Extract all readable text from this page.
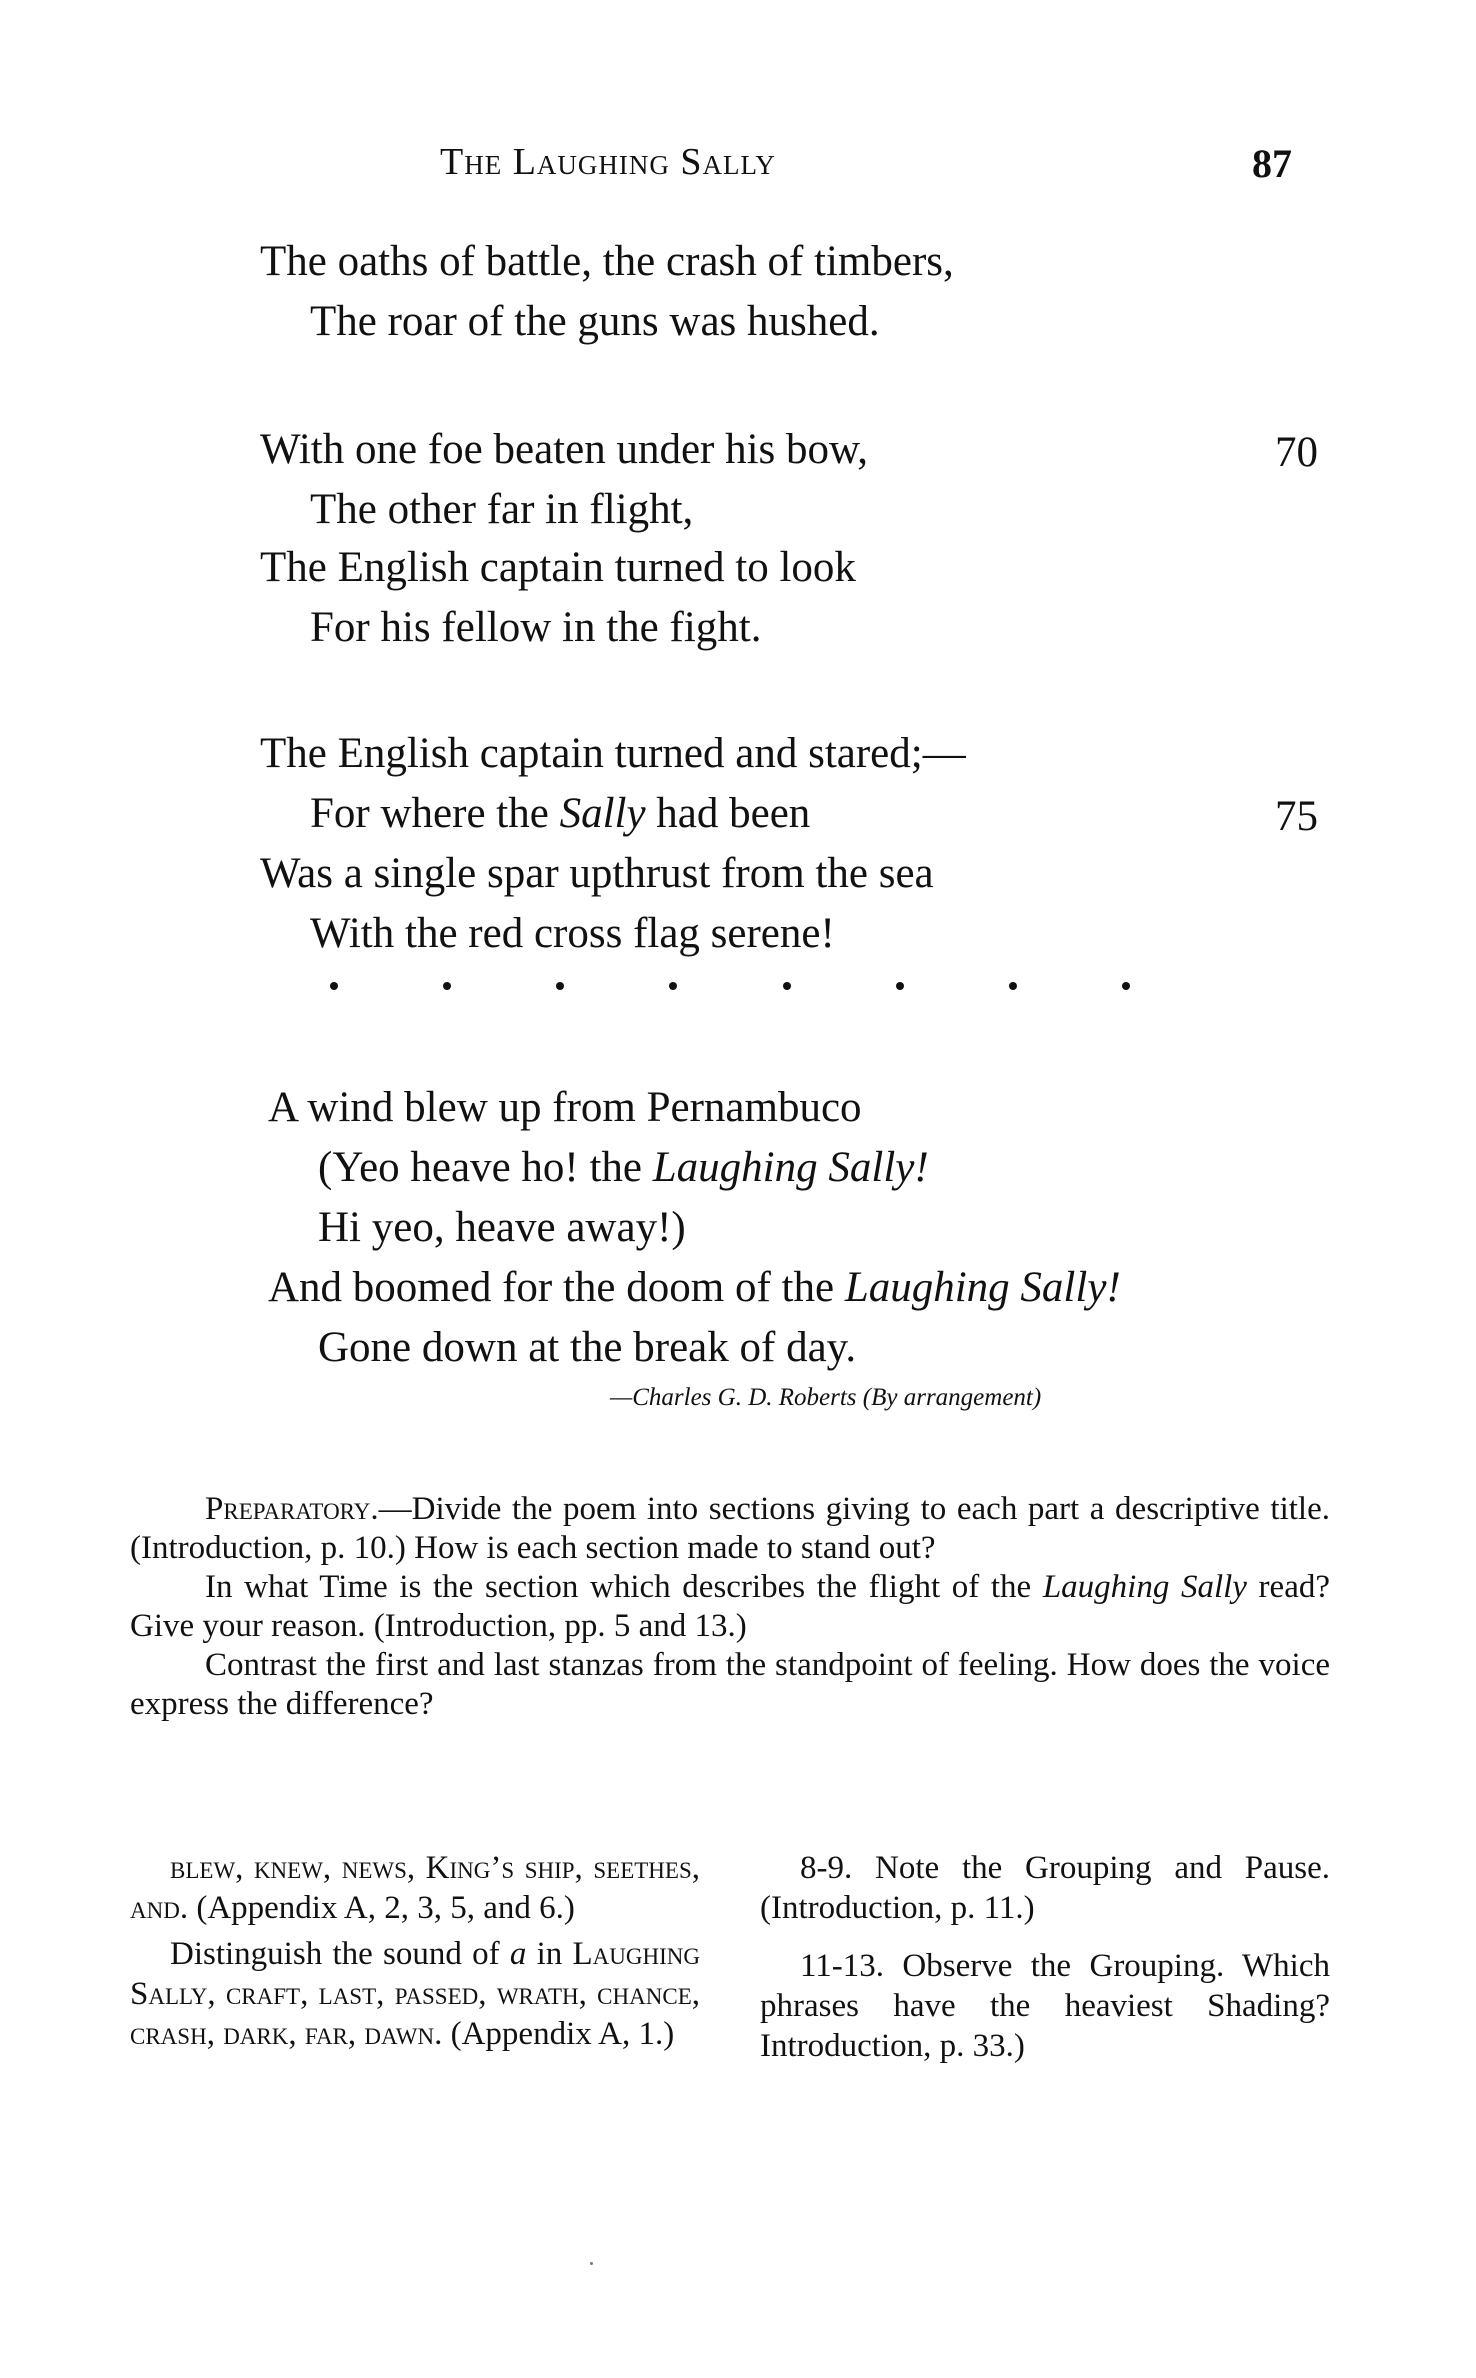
The Laughing Sally	87
The oaths of battle, the crash of timbers,
The roar of the guns was hushed.
With one foe beaten under his bow,	70
The other far in flight,
The English captain turned to look
For his fellow in the fight.
The English captain turned and stared;—
For where the Sally had been	75
Was a single spar upthrust from the sea
With the red cross flag serene!
A wind blew up from Pernambuco
(Yeo heave ho! the Laughing Sally!
Hi yeo, heave away!)
And boomed for the doom of the Laughing Sally!
Gone down at the break of day.
—Charles G. D. Roberts (By arrangement)

Preparatory.—Divide the poem into sections giving to each part a descriptive title. (Introduction, p. 10.) How is each section made to stand out?

In what Time is the section which describes the flight of the Laughing Sally read? Give your reason. (Introduction, pp. 5 and 13.)

Contrast the first and last stanzas from the standpoint of feeling. How does the voice express the difference?

blew, knew, news, King’s ship, seethes, and. (Appendix A, 2, 3, 5, and 6.)

Distinguish the sound of a in Laughing Sally, craft, last, passed, wrath, chance, crash, dark, far, dawn. (Appendix A, 1.)

8-9. Note the Grouping and Pause. (Introduction, p. 11.)

11-13. Observe the Grouping. Which phrases have the heaviest Shading? Introduction, p. 33.)
